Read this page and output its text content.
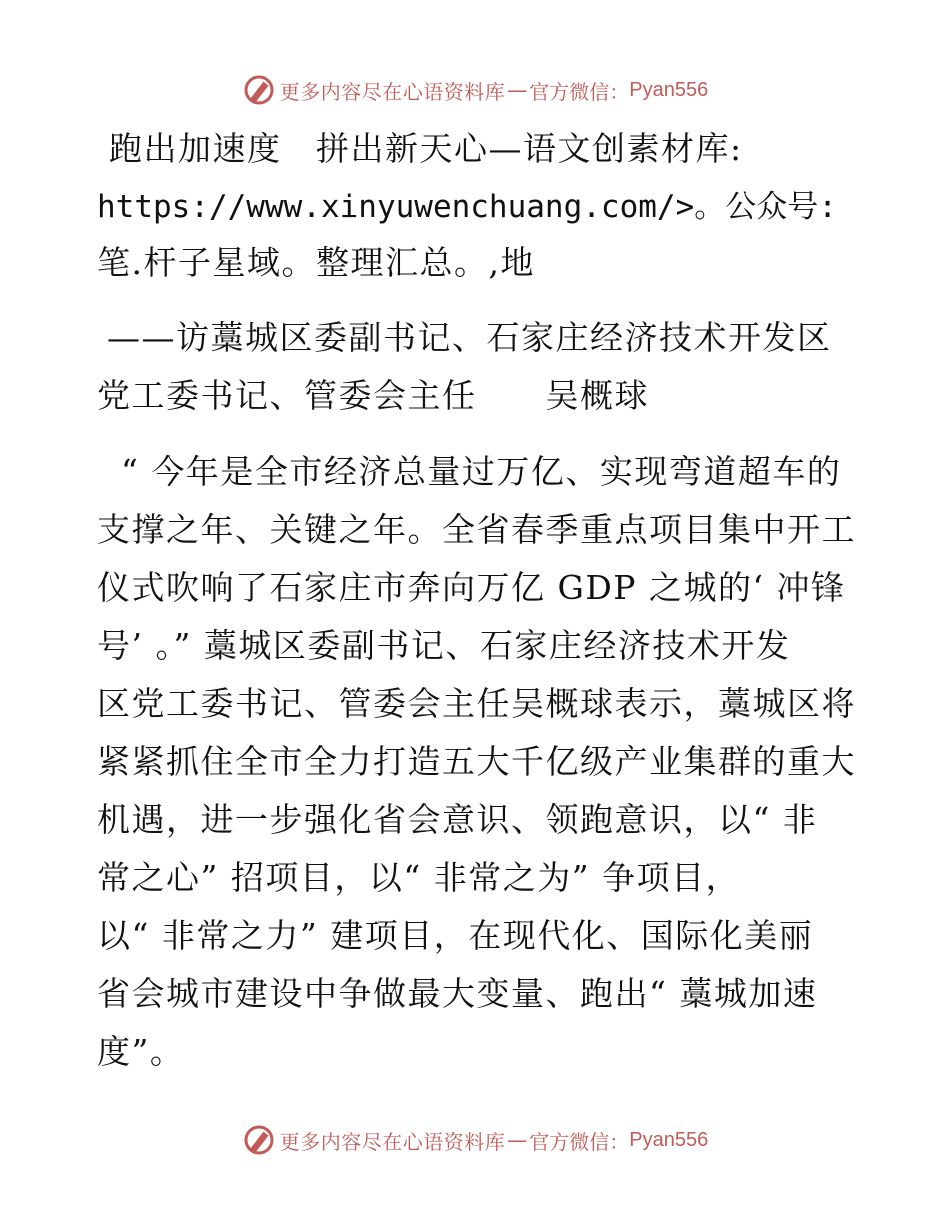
更多内容尽在心语资料库 — 官方微信： Pyan556
跑出加速度　拼出新天心—语文创素材库:
https://www.xinyuwenchuang.com/>。公众号:
笔.杆子星域。整理汇总。,地
——访藁城区委副书记、石家庄经济技术开发区
党工委书记、管委会主任　　吴概球
“ 今年是全市经济总量过万亿、实现弯道超车的
支撑之年、关键之年。全省春季重点项目集中开工
仪式吹响了石家庄市奔向万亿 GDP 之城的‘ 冲锋
号’ 。” 藁城区委副书记、石家庄经济技术开发
区党工委书记、管委会主任吴概球表示，藁城区将
紧紧抓住全市全力打造五大千亿级产业集群的重大
机遇，进一步强化省会意识、领跑意识，以“ 非
常之心” 招项目，以“ 非常之为” 争项目，
以“ 非常之力” 建项目，在现代化、国际化美丽
省会城市建设中争做最大变量、跑出“ 藁城加速
度”。
更多内容尽在心语资料库 — 官方微信： Pyan556
